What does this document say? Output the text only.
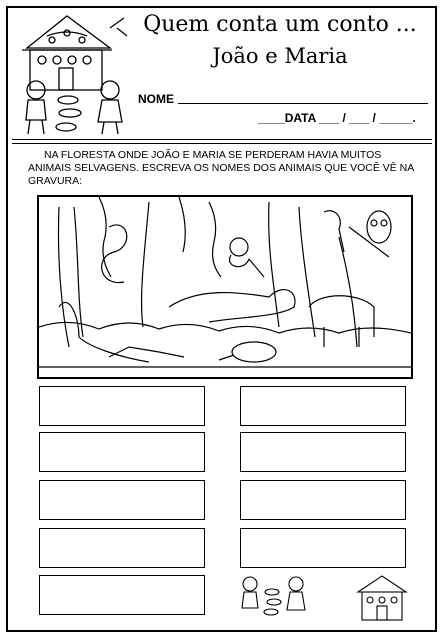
Quem conta um conto ...
João e Maria
NOME
____DATA ___ / ___ / _____.
NA FLORESTA ONDE JOÃO E MARIA SE PERDERAM HAVIA MUITOS ANIMAIS SELVAGENS. ESCREVA OS NOMES DOS ANIMAIS QUE VOCÊ VÊ NA GRAVURA:
